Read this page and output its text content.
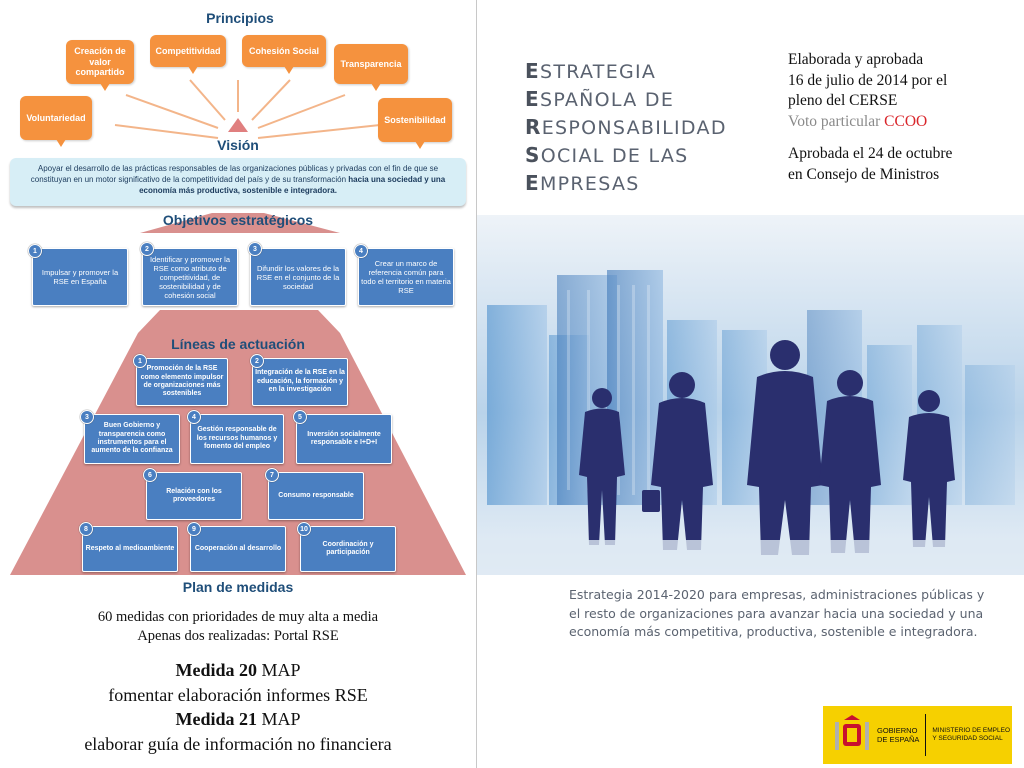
Principios
Creación de valor compartido
Competitividad	Cohesión Social
Transparencia
Voluntariedad	Sostenibilidad
Visión
Apoyar el desarrollo de las prácticas responsables de las organizaciones públicas y privadas con el fin de que se constituyan en un motor significativo de la competitividad del país y de su transformación hacia una sociedad y una economía más productiva, sostenible e integradora.
Objetivos estratégicos
Impulsar y promover la RSE en España
1
Identificar y promover la RSE como atributo de competitividad, de sostenibilidad y de cohesión social
2
Difundir los valores de la RSE en el conjunto de la sociedad
3
Crear un marco de referencia común para todo el territorio en materia RSE
4
Líneas de actuación
Promoción de la RSE como elemento impulsor de organizaciones más sostenibles
1
Integración de la RSE en la educación, la formación y en la investigación
2
Buen Gobierno y transparencia como instrumentos para el aumento de la confianza
3
Gestión responsable de los recursos humanos y fomento del empleo
4
Inversión socialmente responsable e I+D+I
5
Relación con los proveedores
6
Consumo responsable
7
Respeto al medioambiente
8
Cooperación al desarrollo
9
Coordinación y participación
10
Plan de medidas
60 medidas con prioridades de muy alta a media
Apenas dos realizadas: Portal RSE
Medida 20 MAP
fomentar elaboración informes RSE
Medida 21 MAP
elaborar guía de información no financiera
ESTRATEGIA
ESPAÑOLA DE
RESPONSABILIDAD
SOCIAL DE LAS
EMPRESAS
Elaborada y aprobada
16 de julio de 2014 por el
pleno del CERSE
Voto particular CCOO
Aprobada el 24 de octubre
en Consejo de Ministros
Estrategia 2014-2020 para empresas, administraciones públicas y el resto de organizaciones para avanzar hacia una sociedad y una economía más competitiva, productiva, sostenible e integradora.
GOBIERNO
DE ESPAÑA
MINISTERIO DE EMPLEO
Y SEGURIDAD SOCIAL
